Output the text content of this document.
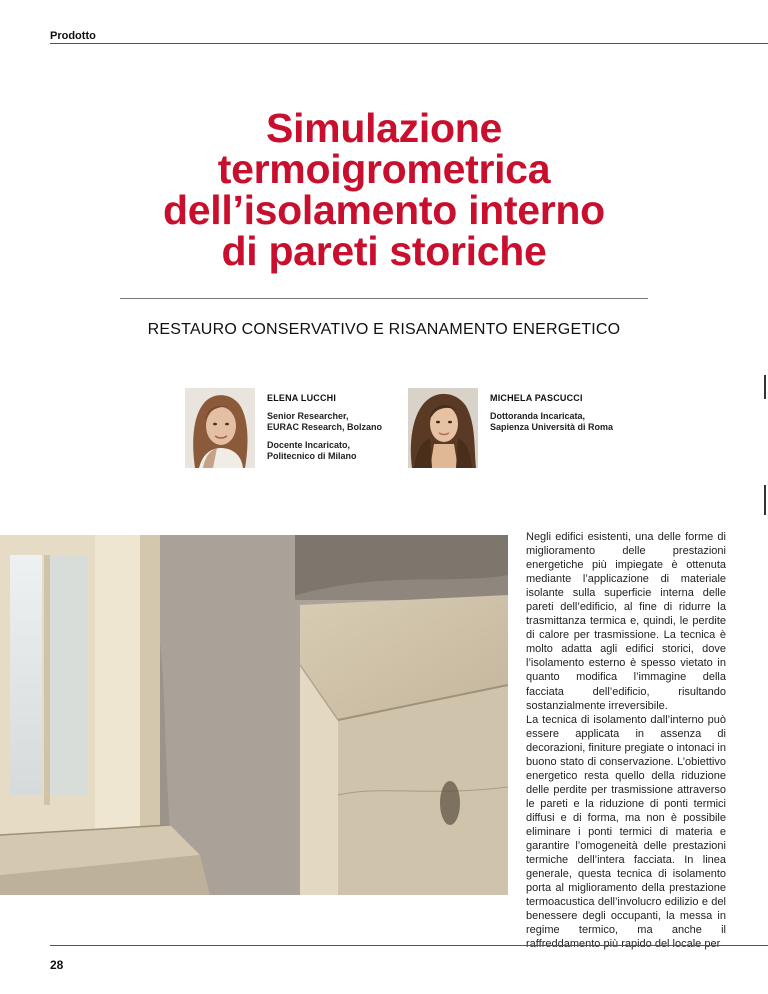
Prodotto
Simulazione
termoigrometrica
dell’isolamento interno
di pareti storiche
RESTAURO CONSERVATIVO E RISANAMENTO ENERGETICO
ELENA LUCCHI
Senior Researcher,
EURAC Research, Bolzano
Docente Incaricato,
Politecnico di Milano
MICHELA PASCUCCI
Dottoranda Incaricata,
Sapienza Università di Roma

Negli edifici esistenti, una delle forme di miglioramento delle prestazioni energetiche più impiegate è ottenuta mediante l’applicazione di materiale isolante sulla superficie interna delle pareti dell’edificio, al fine di ridurre la trasmittanza termica e, quindi, le perdite di calore per trasmissione. La tecnica è molto adatta agli edifici storici, dove l’isolamento esterno è spesso vietato in quanto modifica l’immagine della facciata dell’edificio, risultando sostanzialmente irreversibile.

La tecnica di isolamento dall’interno può essere applicata in assenza di decorazioni, finiture pregiate o intonaci in buono stato di conservazione. L’obiettivo energetico resta quello della riduzione delle perdite per trasmissione attraverso le pareti e la riduzione di ponti termici diffusi e di forma, ma non è possibile eliminare i ponti termici di materia e garantire l’omogeneità delle prestazioni termiche dell’intera facciata. In linea generale, questa tecnica di isolamento porta al miglioramento della prestazione termoacustica dell’involucro edilizio e del benessere degli occupanti, la messa in regime termico, ma anche il raffreddamento più rapido del locale per

28
